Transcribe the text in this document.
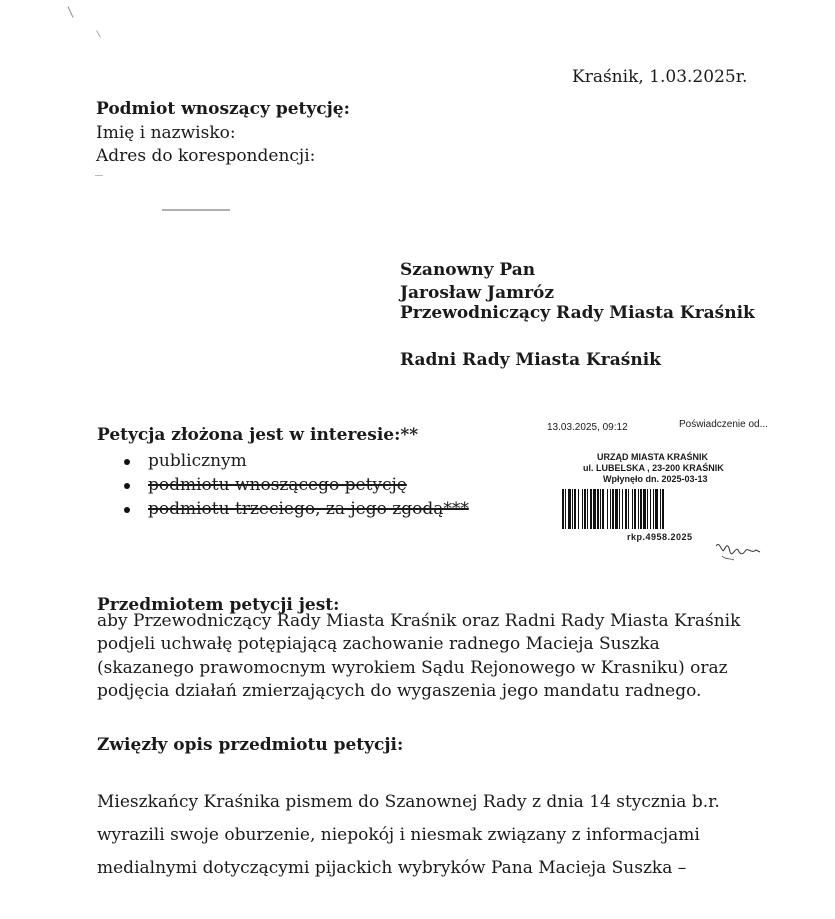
Kraśnik, 1.03.2025r.
Podmiot wnoszący petycję:
Imię i nazwisko:
Adres do korespondencji:
Szanowny Pan
Jarosław Jamróz
Przewodniczący Rady Miasta Kraśnik
Radni Rady Miasta Kraśnik
Petycja złożona jest w interesie:**
publicznym
podmiotu wnoszącego petycję
podmiotu trzeciego, za jego zgodą***
13.03.2025, 09:12	Poświadczenie od...
URZĄD MIASTA KRAŚNIK
ul. LUBELSKA , 23-200 KRAŚNIK
Wpłynęło dn. 2025-03-13
rkp.4958.2025
Przedmiotem petycji jest:
aby Przewodniczący Rady Miasta Kraśnik oraz Radni Rady Miasta Kraśnik
podjeli uchwałę potępiającą zachowanie radnego Macieja Suszka
(skazanego prawomocnym wyrokiem Sądu Rejonowego w Krasniku) oraz
podjęcia działań zmierzających do wygaszenia jego mandatu radnego.
Zwięzły opis przedmiotu petycji:
Mieszkańcy Kraśnika pismem do Szanownej Rady z dnia 14 stycznia b.r.
wyrazili swoje oburzenie, niepokój i niesmak związany z informacjami
medialnymi dotyczącymi pijackich wybryków Pana Macieja Suszka –
